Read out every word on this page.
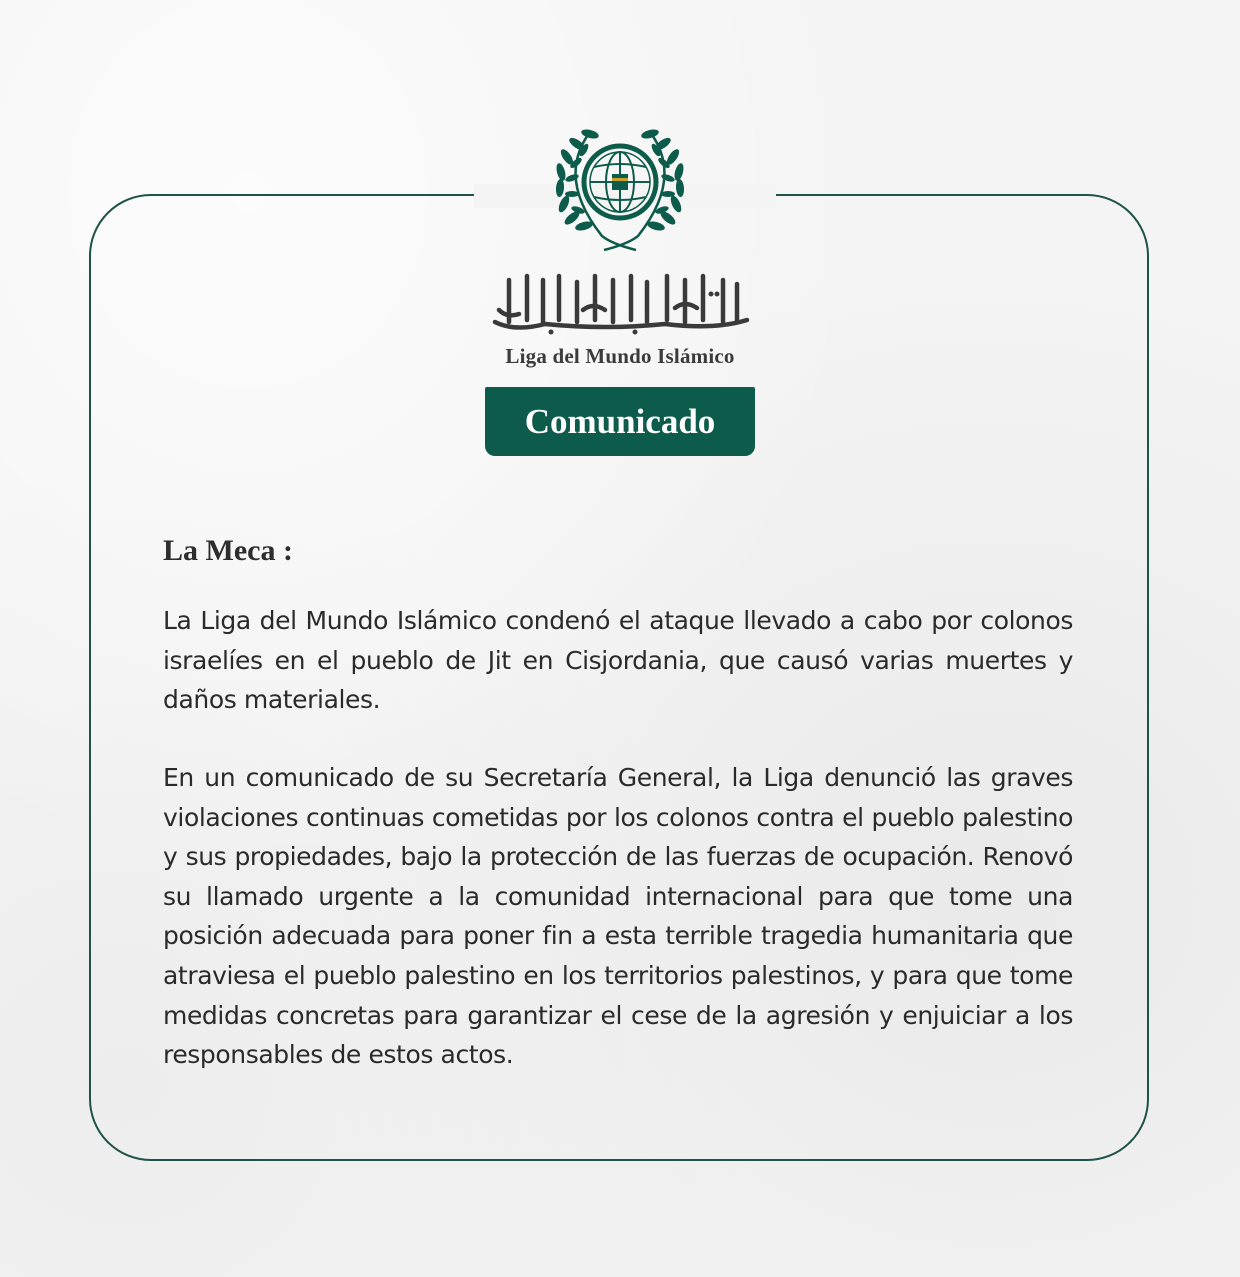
Liga del Mundo Islámico
Comunicado
La Meca :

La Liga del Mundo Islámico condenó el ataque llevado a cabo por colonos israelíes en el pueblo de Jit en Cisjordania, que causó varias muertes y daños materiales.

En un comunicado de su Secretaría General, la Liga denunció las graves violaciones continuas cometidas por los colonos contra el pueblo palestino y sus propiedades, bajo la protección de las fuerzas de ocupación. Renovó su llamado urgente a la comunidad internacional para que tome una posición adecuada para poner fin a esta terrible tragedia humanitaria que atraviesa el pueblo palestino en los territorios palestinos, y para que tome medidas concretas para garantizar el cese de la agresión y enjuiciar a los responsables de estos actos.
